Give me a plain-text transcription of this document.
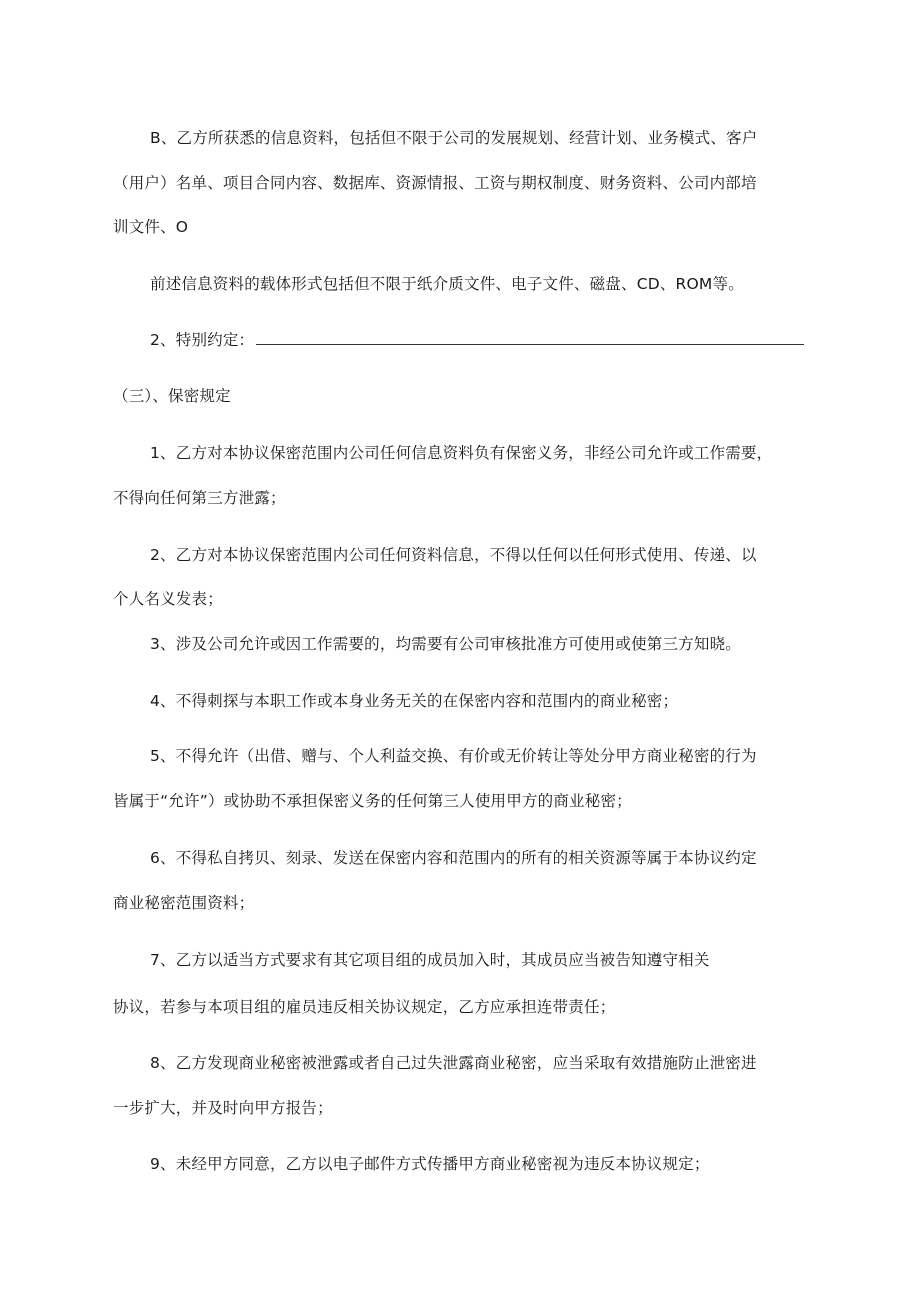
B、乙方所获悉的信息资料，包括但不限于公司的发展规划、经营计划、业务模式、客户
（用户）名单、项目合同内容、数据库、资源情报、工资与期权制度、财务资料、公司内部培
训文件、O
前述信息资料的载体形式包括但不限于纸介质文件、电子文件、磁盘、CD、ROM等。
2、特别约定：
（三）、保密规定
1、乙方对本协议保密范围内公司任何信息资料负有保密义务，非经公司允许或工作需要，
不得向任何第三方泄露；
2、乙方对本协议保密范围内公司任何资料信息，不得以任何以任何形式使用、传递、以
个人名义发表；
3、涉及公司允许或因工作需要的，均需要有公司审核批准方可使用或使第三方知晓。
4、不得刺探与本职工作或本身业务无关的在保密内容和范围内的商业秘密；
5、不得允许（出借、赠与、个人利益交换、有价或无价转让等处分甲方商业秘密的行为
皆属于“允许”）或协助不承担保密义务的任何第三人使用甲方的商业秘密；
6、不得私自拷贝、刻录、发送在保密内容和范围内的所有的相关资源等属于本协议约定
商业秘密范围资料；
7、乙方以适当方式要求有其它项目组的成员加入时，其成员应当被告知遵守相关
协议，若参与本项目组的雇员违反相关协议规定，乙方应承担连带责任；
8、乙方发现商业秘密被泄露或者自己过失泄露商业秘密，应当采取有效措施防止泄密进
一步扩大，并及时向甲方报告；
9、未经甲方同意，乙方以电子邮件方式传播甲方商业秘密视为违反本协议规定；
